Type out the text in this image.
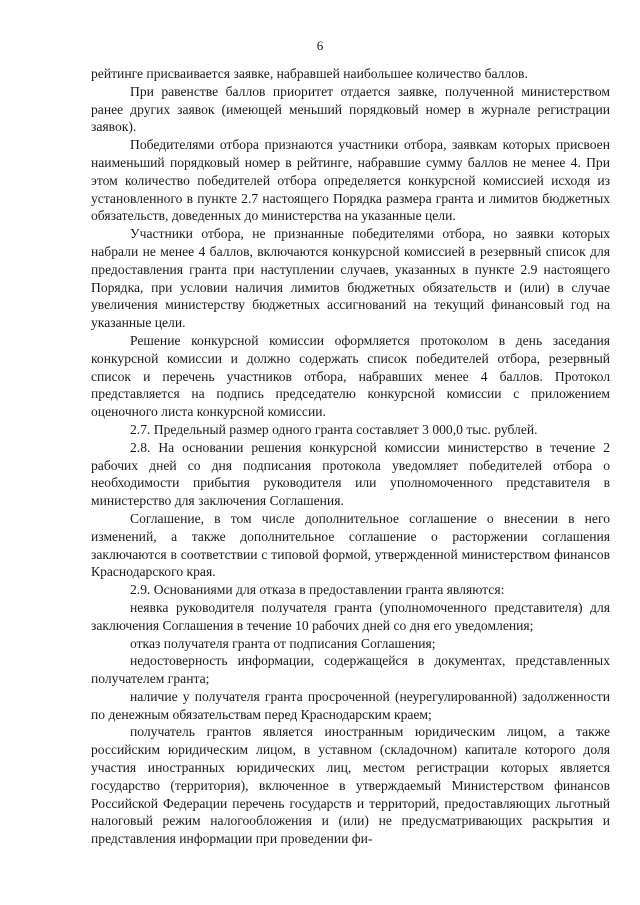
6

рейтинге присваивается заявке, набравшей наибольшее количество баллов.

При равенстве баллов приоритет отдается заявке, полученной министерством ранее других заявок (имеющей меньший порядковый номер в журнале регистрации заявок).

Победителями отбора признаются участники отбора, заявкам которых присвоен наименьший порядковый номер в рейтинге, набравшие сумму баллов не менее 4. При этом количество победителей отбора определяется конкурсной комиссией исходя из установленного в пункте 2.7 настоящего Порядка размера гранта и лимитов бюджетных обязательств, доведенных до министерства на указанные цели.

Участники отбора, не признанные победителями отбора, но заявки которых набрали не менее 4 баллов, включаются конкурсной комиссией в резервный список для предоставления гранта при наступлении случаев, указанных в пункте 2.9 настоящего Порядка, при условии наличия лимитов бюджетных обязательств и (или) в случае увеличения министерству бюджетных ассигнований на текущий финансовый год на указанные цели.

Решение конкурсной комиссии оформляется протоколом в день заседания конкурсной комиссии и должно содержать список победителей отбора, резервный список и перечень участников отбора, набравших менее 4 баллов. Протокол представляется на подпись председателю конкурсной комиссии с приложением оценочного листа конкурсной комиссии.

2.7. Предельный размер одного гранта составляет 3 000,0 тыс. рублей.

2.8. На основании решения конкурсной комиссии министерство в течение 2 рабочих дней со дня подписания протокола уведомляет победителей отбора о необходимости прибытия руководителя или уполномоченного представителя в министерство для заключения Соглашения.

Соглашение, в том числе дополнительное соглашение о внесении в него изменений, а также дополнительное соглашение о расторжении соглашения заключаются в соответствии с типовой формой, утвержденной министерством финансов Краснодарского края.

2.9. Основаниями для отказа в предоставлении гранта являются:

неявка руководителя получателя гранта (уполномоченного представителя) для заключения Соглашения в течение 10 рабочих дней со дня его уведомления;

отказ получателя гранта от подписания Соглашения;

недостоверность информации, содержащейся в документах, представленных получателем гранта;

наличие у получателя гранта просроченной (неурегулированной) задолженности по денежным обязательствам перед Краснодарским краем;

получатель грантов является иностранным юридическим лицом, а также российским юридическим лицом, в уставном (складочном) капитале которого доля участия иностранных юридических лиц, местом регистрации которых является государство (территория), включенное в утверждаемый Министерством финансов Российской Федерации перечень государств и территорий, предоставляющих льготный налоговый режим налогообложения и (или) не предусматривающих раскрытия и представления информации при проведении фи-
